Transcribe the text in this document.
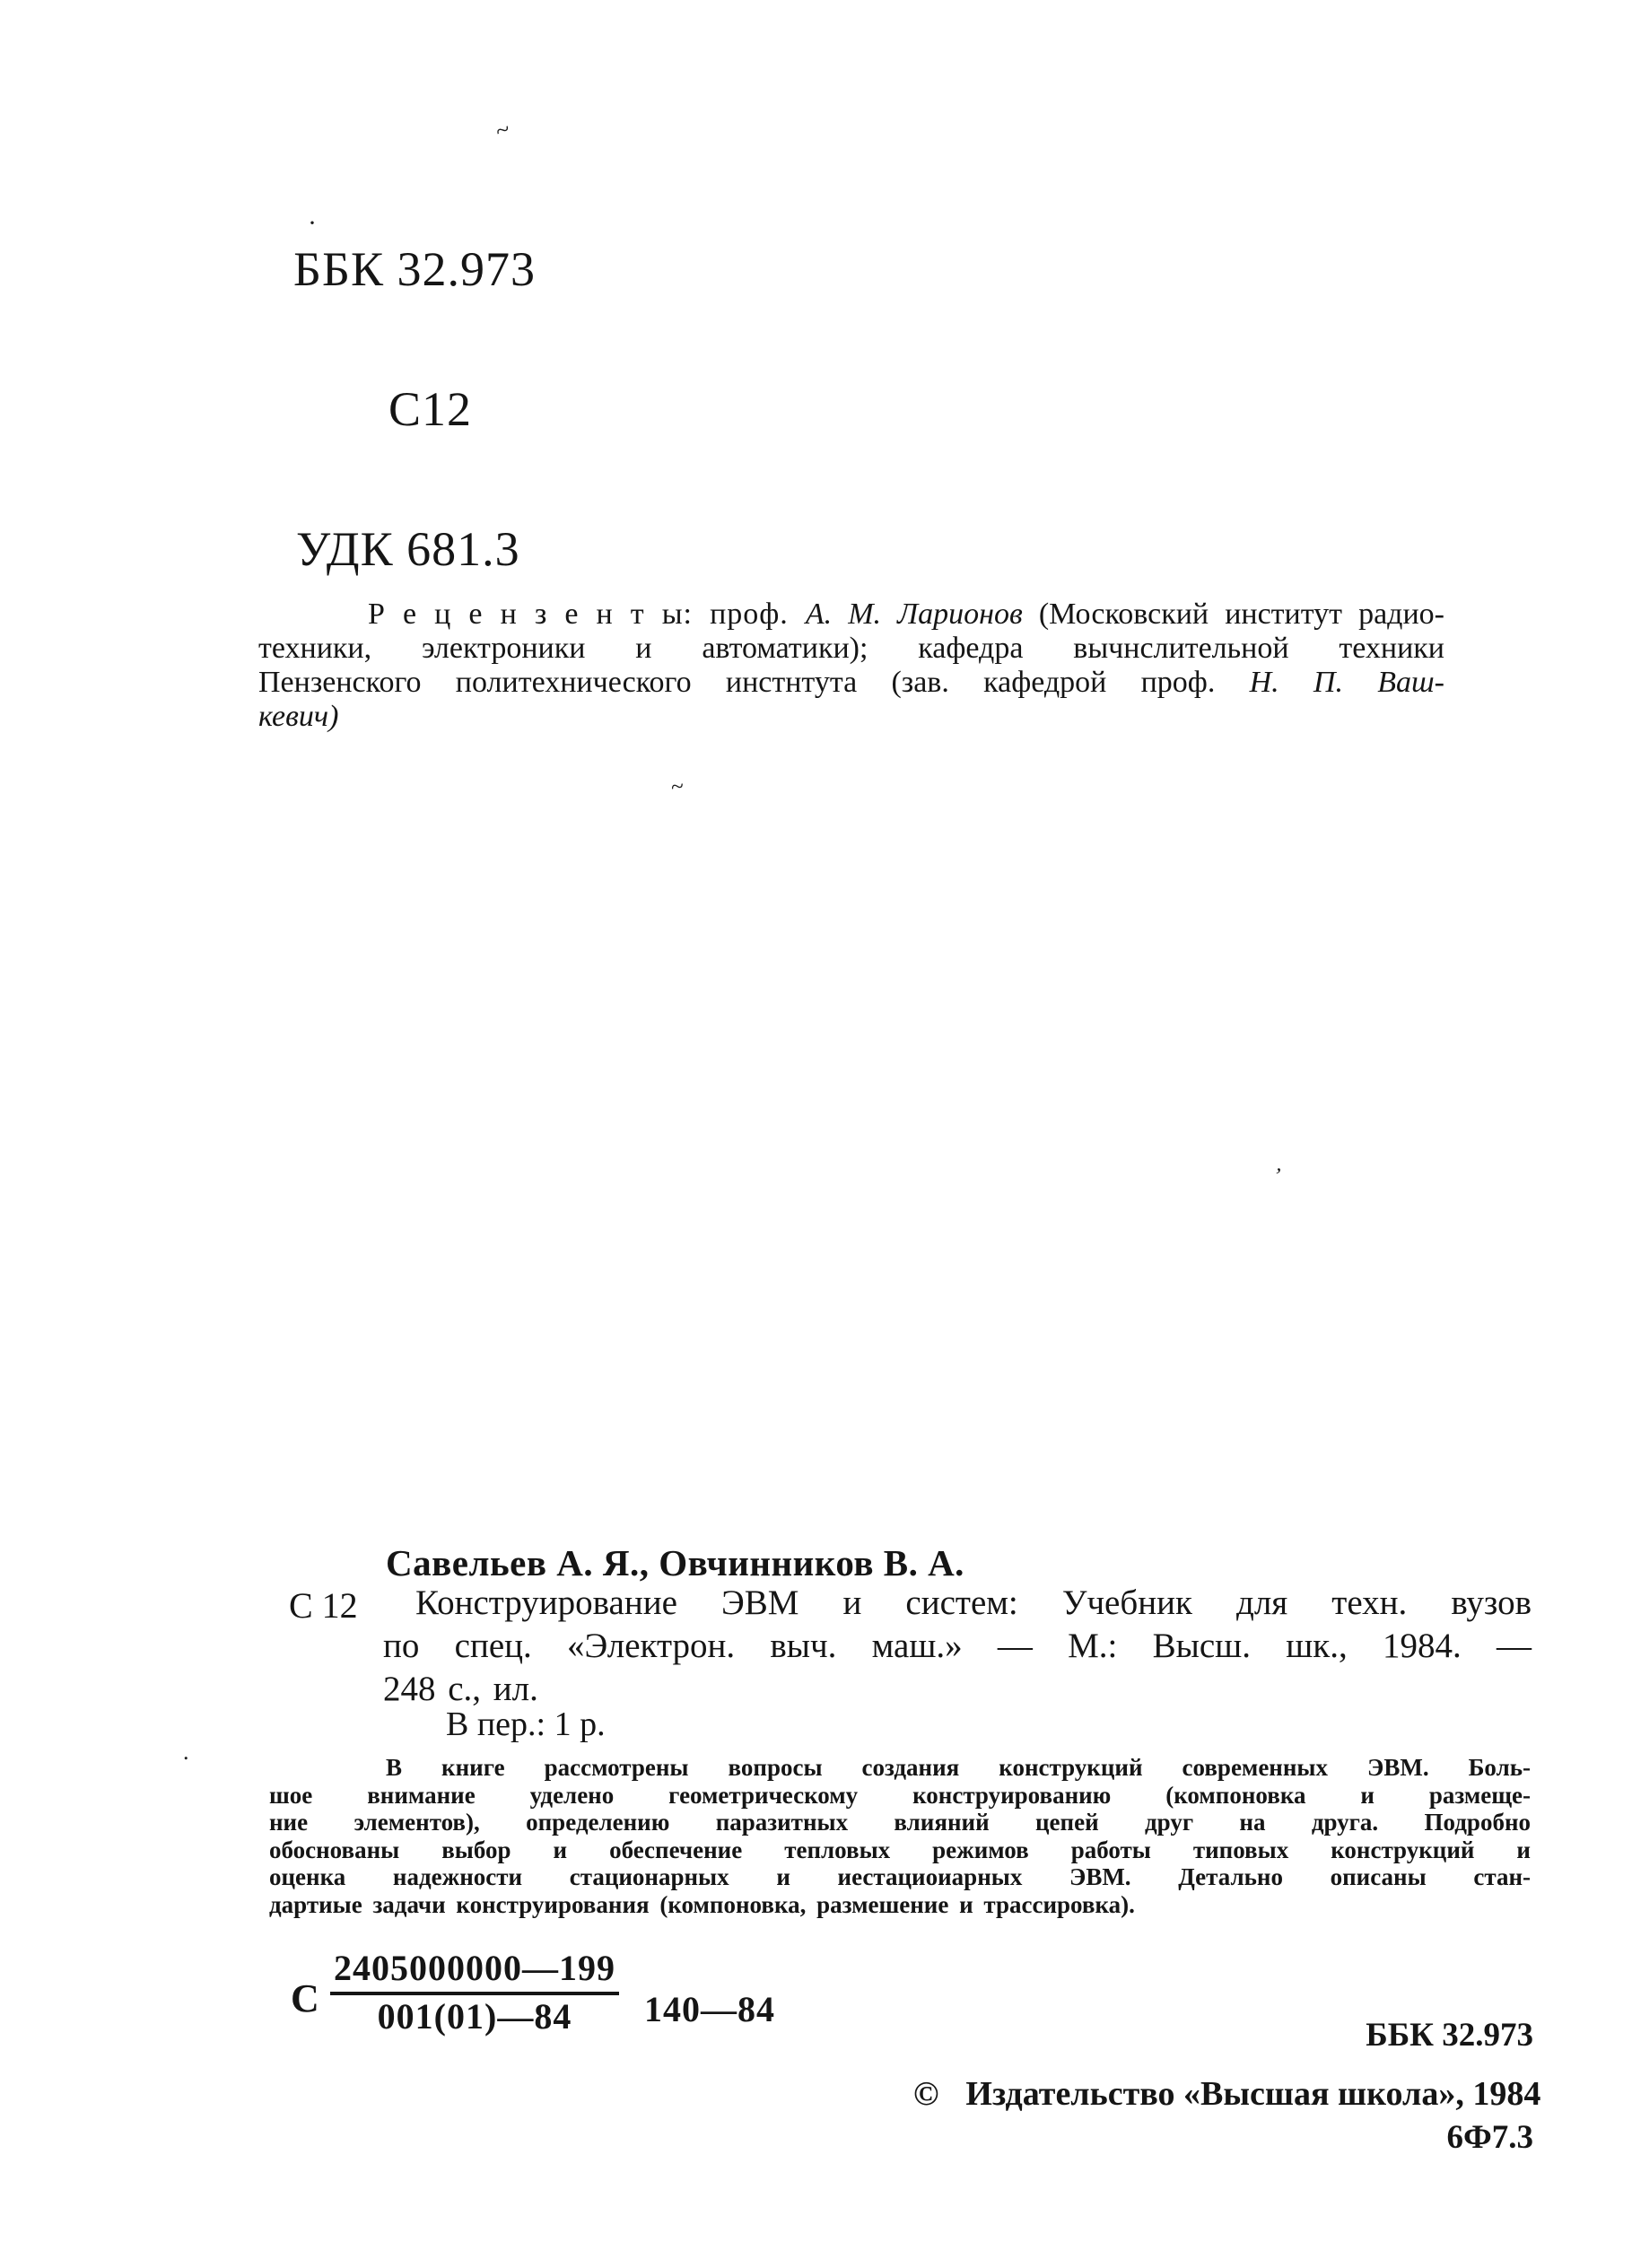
ББК 32.973

С12

УДК 681.3

Р е ц е н з е н т ы: проф. А. М. Ларионов (Московский институт радио-
техники, электроники и автоматики); кафедра вычнслительной техники
Пензенского политехнического инстнтута (зав. кафедрой проф. Н. П. Ваш-
кевич)
Савельев А. Я., Овчинников В. А.
С 12	Конструирование ЭВМ и систем: Учебник для техн. вузов
по спец. «Электрон. выч. маш.» — М.: Высш. шк., 1984. —
248 с., ил.
В пер.: 1 р.
В книге рассмотрены вопросы создания конструкций современных ЭВМ. Боль-
шое внимание уделено геометрическому конструированию (компоновка и размеще-
ние элементов), определению паразитных влияний цепей друг на друга. Подробно
обоснованы выбор и обеспечение тепловых режимов работы типовых конструкций и
оценка надежности стационарных и иестациоиарных ЭВМ. Детально описаны стан-
дартиые задачи конструирования (компоновка, размешение и трассировка).
С
2405000000—199
001(01)—84	140—84

ББК 32.973

6Ф7.3

© Издательство «Высшая школа», 1984
~
·
~
’
.
